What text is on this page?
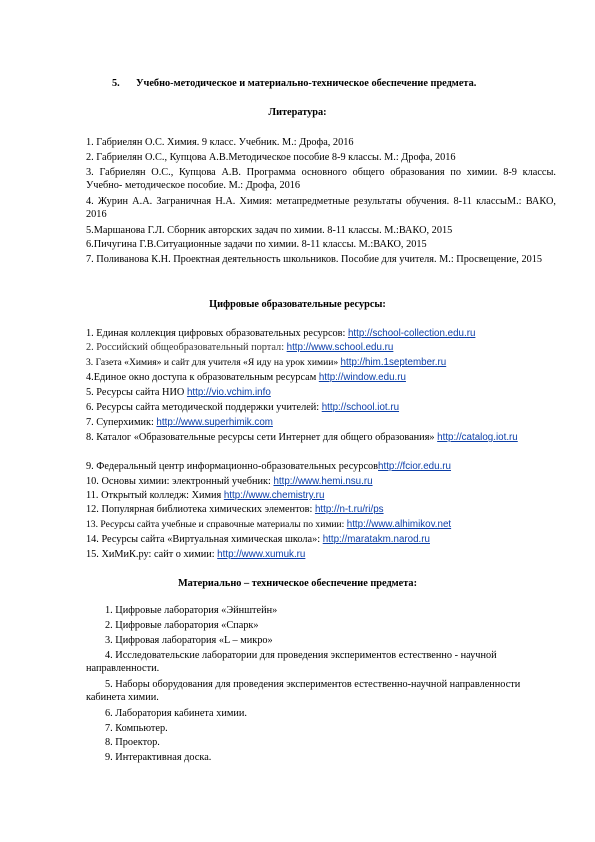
5. Учебно-методическое и материально-техническое обеспечение предмета.
Литература:
1. Габриелян О.С. Химия. 9 класс. Учебник. М.: Дрофа, 2016
2. Габриелян О.С., Купцова А.В.Методическое пособие 8-9 классы. М.: Дрофа, 2016
3. Габриелян О.С., Купцова А.В. Программа основного общего образования по химии. 8-9 классы. Учебно- методическое пособие. М.: Дрофа, 2016
4. Журин А.А. Заграничная Н.А. Химия: метапредметные результаты обучения. 8-11 классыМ.: ВАКО, 2016
5.Маршанова Г.Л. Сборник авторских задач по химии. 8-11 классы. М.:ВАКО, 2015
6.Пичугина Г.В.Ситуационные задачи по химии. 8-11 классы. М.:ВАКО, 2015
7. Поливанова К.Н. Проектная деятельность школьников. Пособие для учителя. М.: Просвещение, 2015
Цифровые образовательные ресурсы:
1. Единая коллекция цифровых образовательных ресурсов: http://school-collection.edu.ru
2. Российский общеобразовательный портал: http://www.school.edu.ru
3. Газета «Химия» и сайт для учителя «Я иду на урок химии» http://him.1september.ru
4.Единое окно доступа к образовательным ресурсам http://window.edu.ru
5. Ресурсы сайта НИО http://vio.vchim.info
6. Ресурсы сайта методической поддержки учителей: http://school.iot.ru
7. Суперхимик: http://www.superhimik.com
8. Каталог «Образовательные ресурсы сети Интернет для общего образования» http://catalog.iot.ru
9. Федеральный центр информационно-образовательных ресурсовhttp://fcior.edu.ru
10. Основы химии: электронный учебник: http://www.hemi.nsu.ru
11. Открытый колледж: Химия http://www.chemistry.ru
12. Популярная библиотека химических элементов: http://n-t.ru/ri/ps
13. Ресурсы сайта учебные и справочные материалы по химии: http://www.alhimikov.net
14. Ресурсы сайта «Виртуальная химическая школа»: http://maratakm.narod.ru
15. ХиМиК.ру: сайт о химии: http://www.xumuk.ru
Материально – техническое обеспечение предмета:
1. Цифровые лаборатория «Эйнштейн»
2. Цифровые лаборатория «Спарк»
3. Цифровая лаборатория «L – микро»
4. Исследовательские лаборатории для проведения экспериментов естественно - научной направленности.
5. Наборы оборудования для проведения экспериментов естественно-научной направленности кабинета химии.
6. Лаборатория кабинета химии.
7. Компьютер.
8. Проектор.
9. Интерактивная доска.
